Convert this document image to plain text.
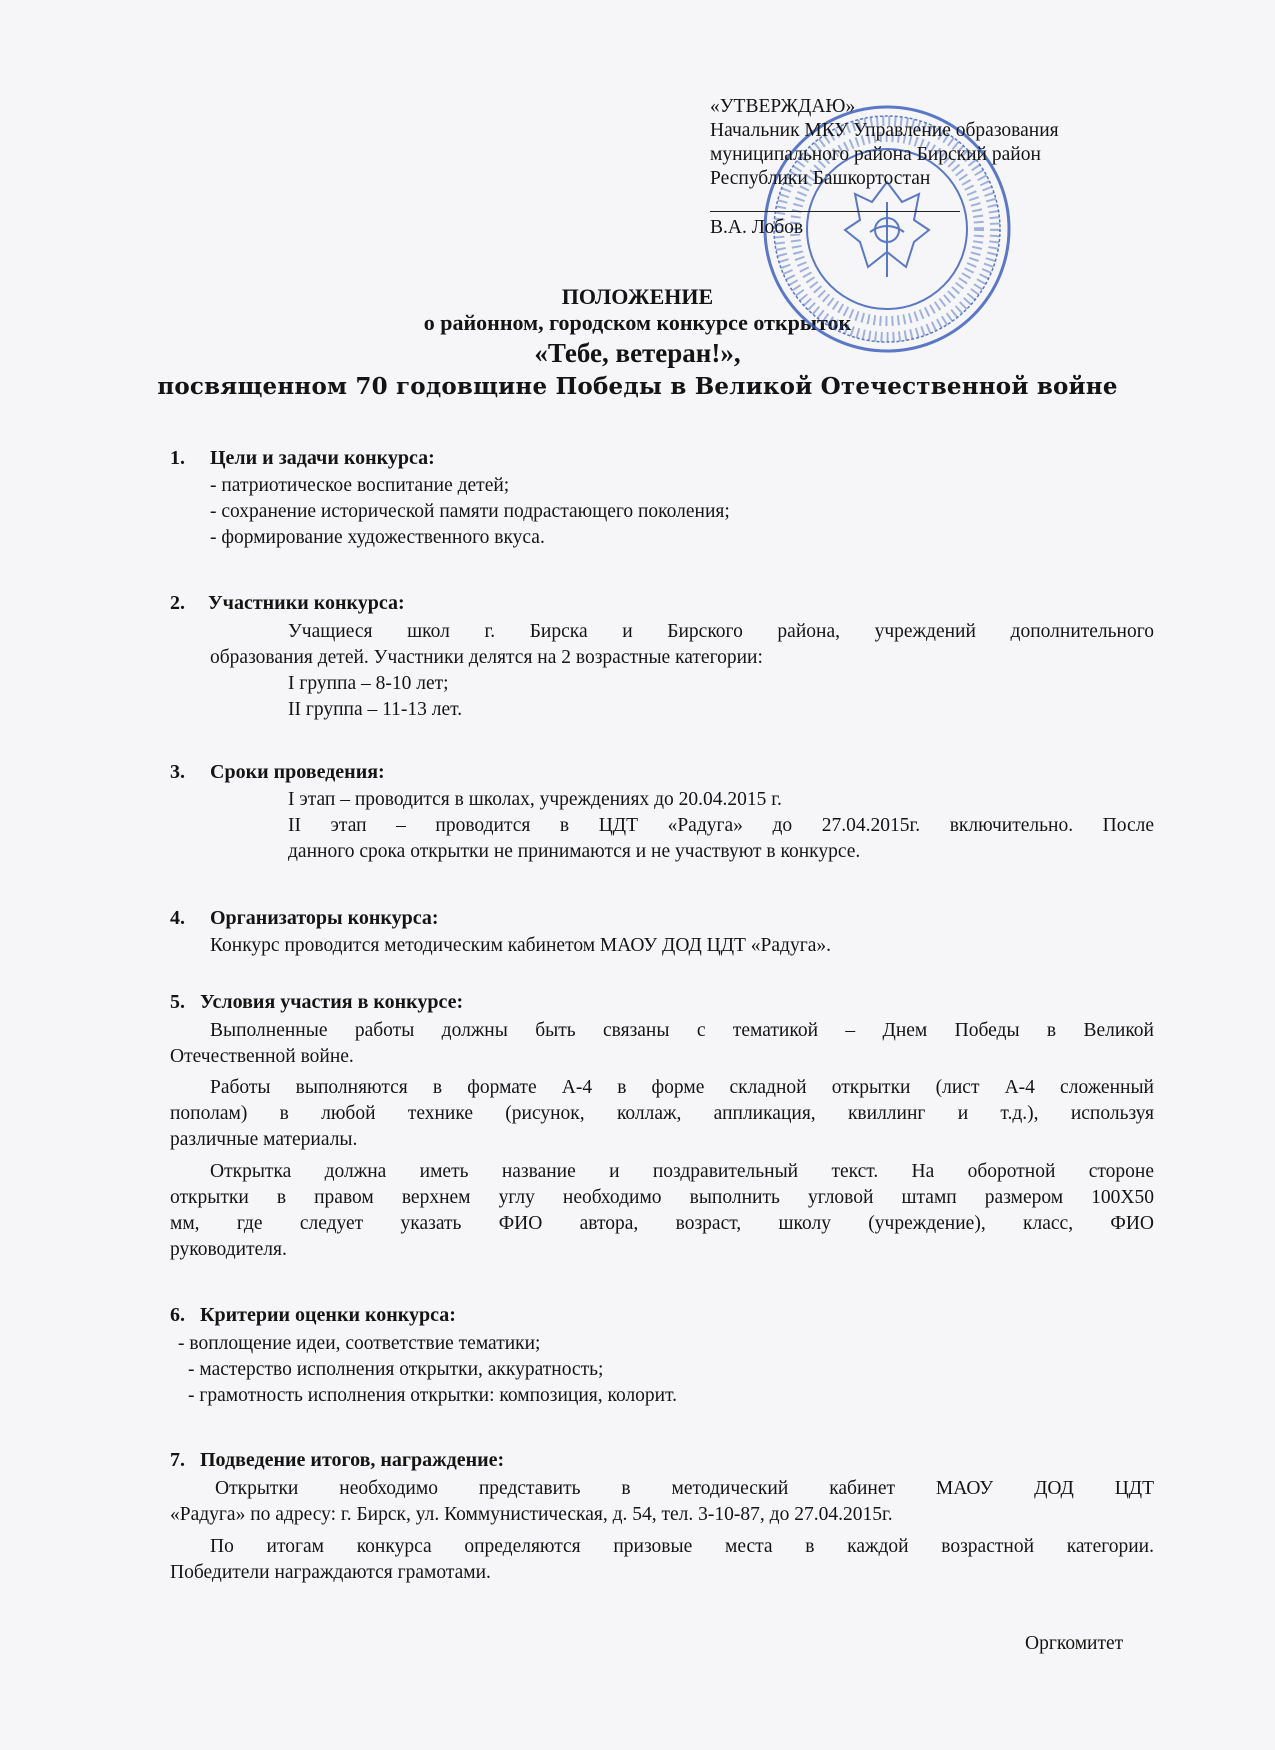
«УТВЕРЖДАЮ»
Начальник МКУ Управление образования
муниципального района Бирский район
Республики Башкортостан
В.А. Лобов
ПОЛОЖЕНИЕ
о районном, городском конкурсе открыток
«Тебе, ветеран!»,
посвященном 70 годовщине Победы в Великой Отечественной войне
1. Цели и задачи конкурса:
- патриотическое воспитание детей;
- сохранение исторической памяти подрастающего поколения;
- формирование художественного вкуса.
2. Участники конкурса:
Учащиеся школ г. Бирска и Бирского района, учреждений дополнительного
образования детей. Участники делятся на 2 возрастные категории:
I группа – 8-10 лет;
II группа – 11-13 лет.
3. Сроки проведения:
I этап – проводится в школах, учреждениях до 20.04.2015 г.
II этап – проводится в ЦДТ «Радуга» до 27.04.2015г. включительно. После
данного срока открытки не принимаются и не участвуют в конкурсе.
4. Организаторы конкурса:
Конкурс проводится методическим кабинетом МАОУ ДОД ЦДТ «Радуга».
5. Условия участия в конкурсе:
Выполненные работы должны быть связаны с тематикой – Днем Победы в Великой
Отечественной войне.
Работы выполняются в формате А-4 в форме складной открытки (лист А-4 сложенный
пополам) в любой технике (рисунок, коллаж, аппликация, квиллинг и т.д.), используя
различные материалы.
Открытка должна иметь название и поздравительный текст. На оборотной стороне
открытки в правом верхнем углу необходимо выполнить угловой штамп размером 100Х50
мм, где следует указать ФИО автора, возраст, школу (учреждение), класс, ФИО
руководителя.
6. Критерии оценки конкурса:
- воплощение идеи, соответствие тематики;
- мастерство исполнения открытки, аккуратность;
- грамотность исполнения открытки: композиция, колорит.
7. Подведение итогов, награждение:
Открытки необходимо представить в методический кабинет МАОУ ДОД ЦДТ
«Радуга» по адресу: г. Бирск, ул. Коммунистическая, д. 54, тел. 3-10-87, до 27.04.2015г.
По итогам конкурса определяются призовые места в каждой возрастной категории.
Победители награждаются грамотами.
Оргкомитет
